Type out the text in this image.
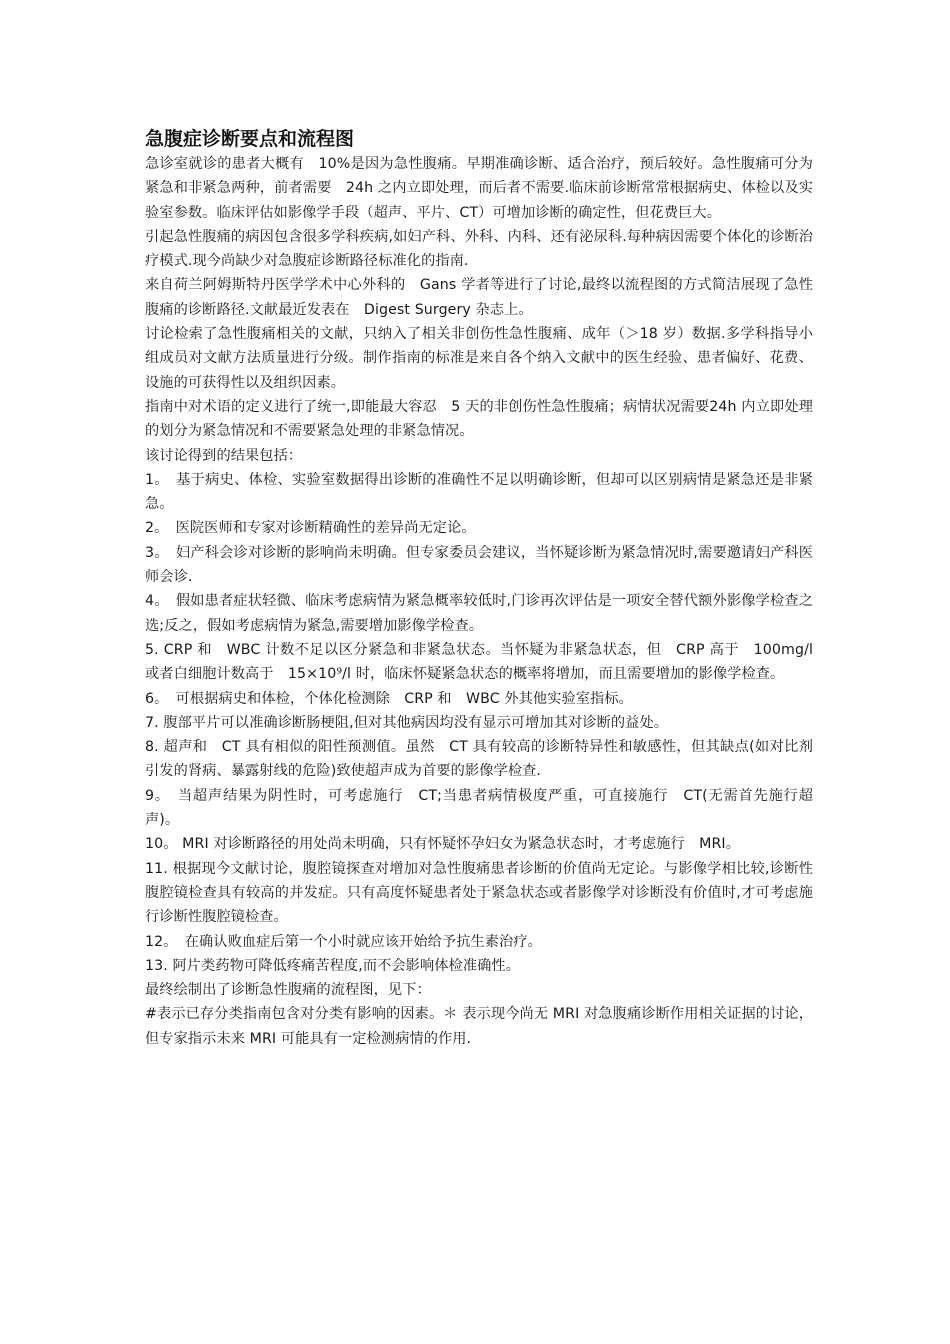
急腹症诊断要点和流程图

急诊室就诊的患者大概有　10%是因为急性腹痛。早期准确诊断、适合治疗，预后较好。急性腹痛可分为紧急和非紧急两种，前者需要　24h 之内立即处理，而后者不需要.临床前诊断常常根据病史、体检以及实验室参数。临床评估如影像学手段（超声、平片、CT）可增加诊断的确定性，但花费巨大。

引起急性腹痛的病因包含很多学科疾病,如妇产科、外科、内科、还有泌尿科.每种病因需要个体化的诊断治疗模式.现今尚缺少对急腹症诊断路径标准化的指南.

来自荷兰阿姆斯特丹医学学术中心外科的　Gans 学者等进行了讨论,最终以流程图的方式简洁展现了急性腹痛的诊断路径.文献最近发表在　Digest Surgery 杂志上。

讨论检索了急性腹痛相关的文献，只纳入了相关非创伤性急性腹痛、成年（＞18 岁）数据.多学科指导小组成员对文献方法质量进行分级。制作指南的标准是来自各个纳入文献中的医生经验、患者偏好、花费、设施的可获得性以及组织因素。

指南中对术语的定义进行了统一,即能最大容忍　5 天的非创伤性急性腹痛；病情状况需要24h 内立即处理的划分为紧急情况和不需要紧急处理的非紧急情况。

该讨论得到的结果包括：

1。　基于病史、体检、实验室数据得出诊断的准确性不足以明确诊断，但却可以区别病情是紧急还是非紧急。

2。　医院医师和专家对诊断精确性的差异尚无定论。

3。　妇产科会诊对诊断的影响尚未明确。但专家委员会建议，当怀疑诊断为紧急情况时,需要邀请妇产科医师会诊.

4。　假如患者症状轻微、临床考虑病情为紧急概率较低时,门诊再次评估是一项安全替代额外影像学检查之选;反之，假如考虑病情为紧急,需要增加影像学检查。

5. CRP 和　WBC 计数不足以区分紧急和非紧急状态。当怀疑为非紧急状态，但　CRP 高于　100mg/l 或者白细胞计数高于　15×10⁹/l 时，临床怀疑紧急状态的概率将增加，而且需要增加的影像学检查。

6。　可根据病史和体检，个体化检测除　CRP 和　WBC 外其他实验室指标。

7. 腹部平片可以准确诊断肠梗阻,但对其他病因均没有显示可增加其对诊断的益处。

8. 超声和　CT 具有相似的阳性预测值。虽然　CT 具有较高的诊断特异性和敏感性，但其缺点(如对比剂引发的肾病、暴露射线的危险)致使超声成为首要的影像学检查.

9。　当超声结果为阴性时，可考虑施行　CT;当患者病情极度严重，可直接施行　CT(无需首先施行超声)。

10。 MRI 对诊断路径的用处尚未明确，只有怀疑怀孕妇女为紧急状态时，才考虑施行　MRI。

11. 根据现今文献讨论，腹腔镜探查对增加对急性腹痛患者诊断的价值尚无定论。与影像学相比较,诊断性腹腔镜检查具有较高的并发症。只有高度怀疑患者处于紧急状态或者影像学对诊断没有价值时,才可考虑施行诊断性腹腔镜检查。

12。　在确认败血症后第一个小时就应该开始给予抗生素治疗。

13. 阿片类药物可降低疼痛苦程度,而不会影响体检准确性。

最终绘制出了诊断急性腹痛的流程图，见下：

#表示已存分类指南包含对分类有影响的因素。＊ 表示现今尚无 MRI 对急腹痛诊断作用相关证据的讨论，但专家指示未来 MRI 可能具有一定检测病情的作用.
